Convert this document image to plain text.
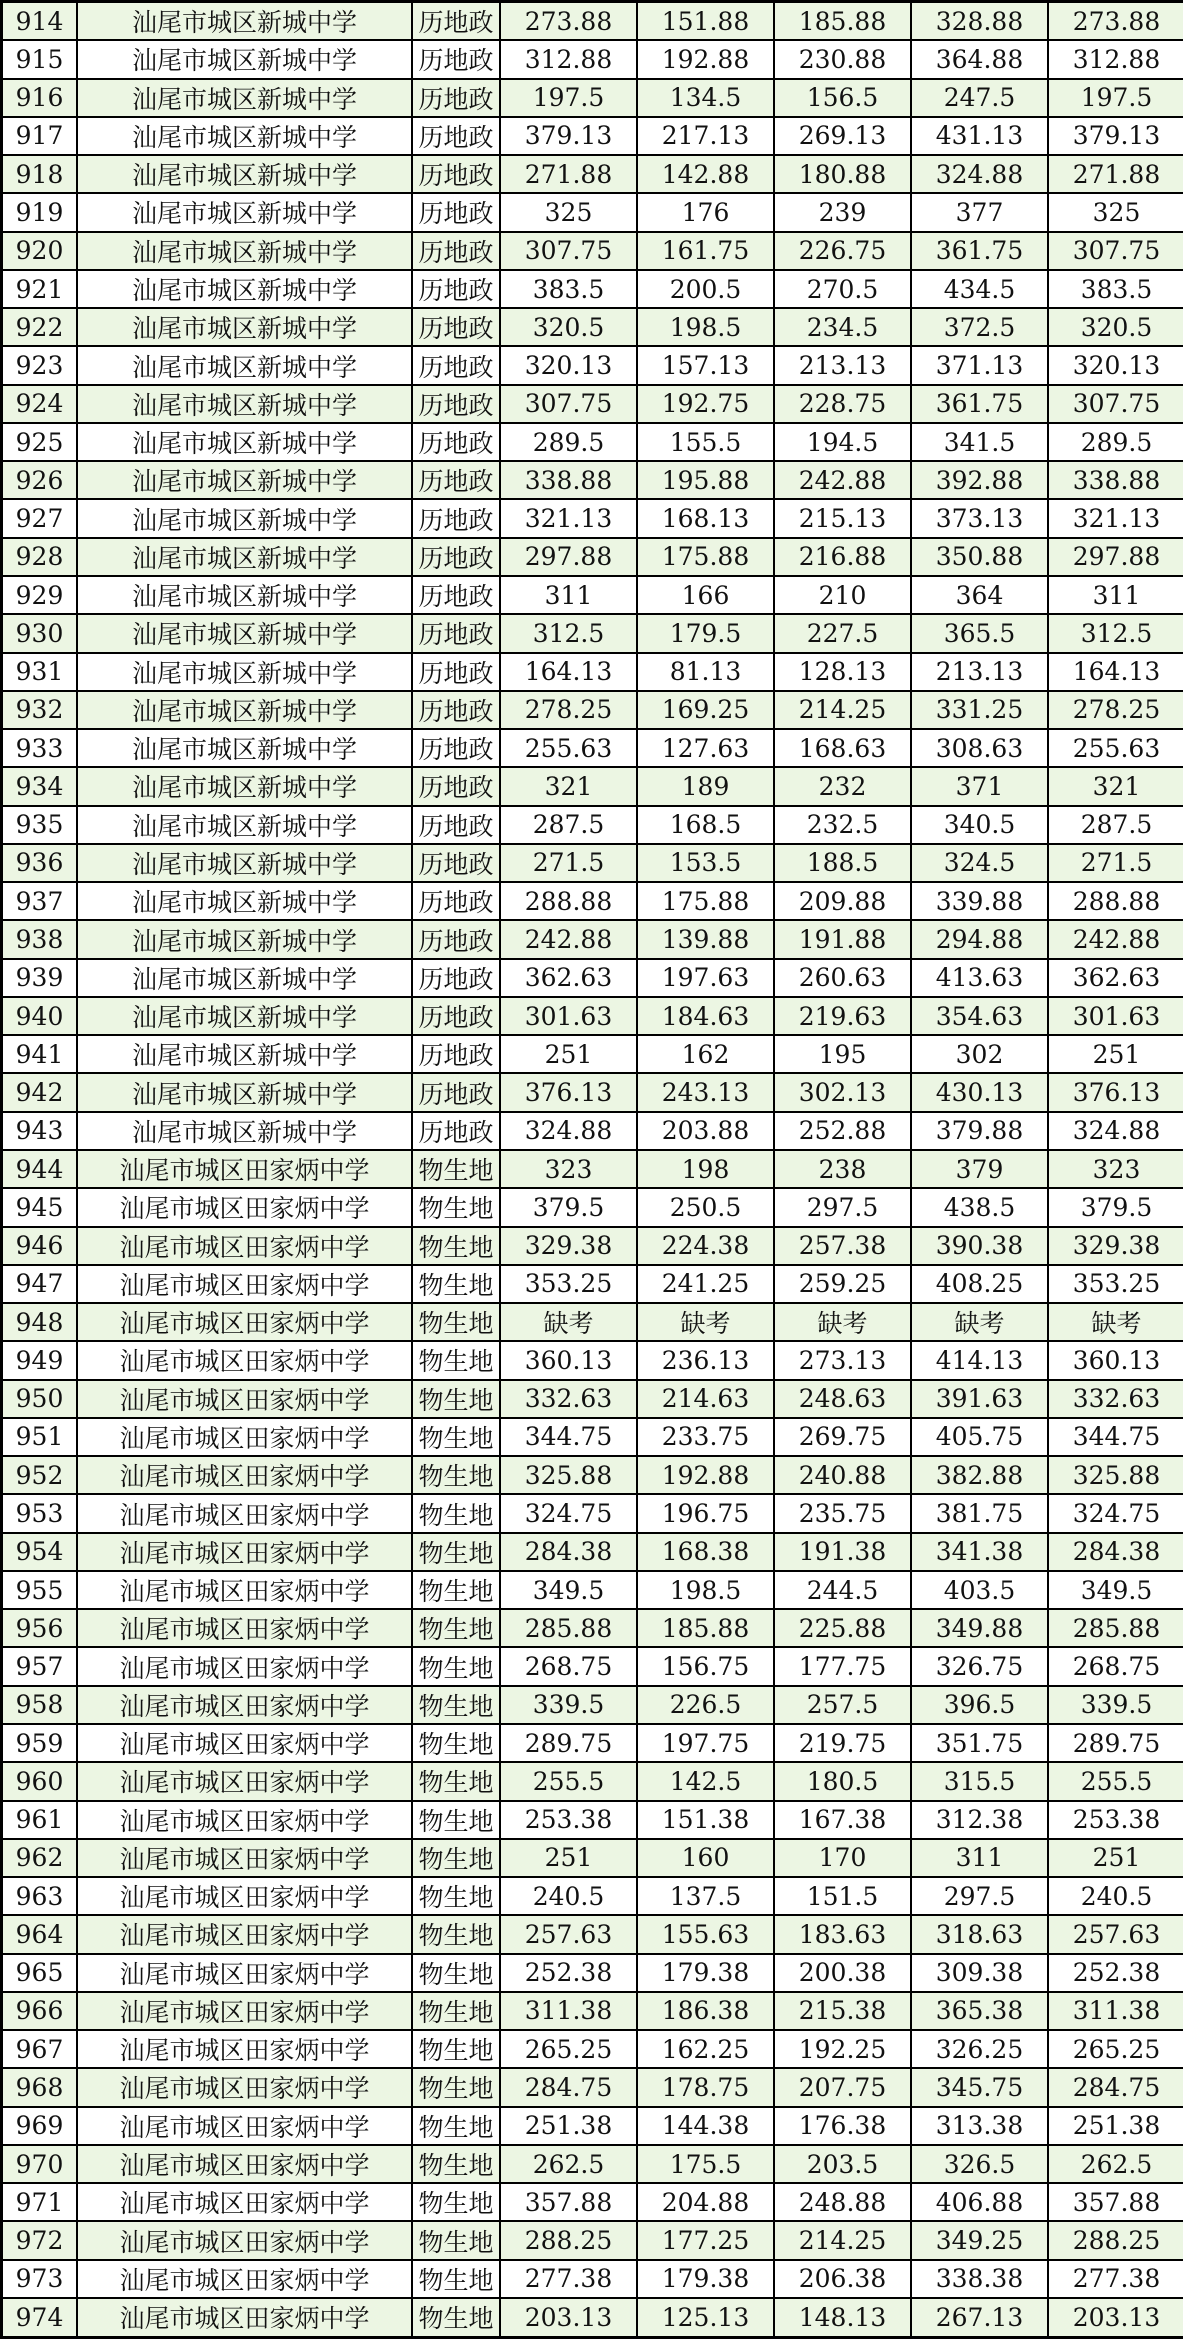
914	汕尾市城区新城中学	历地政	273.88	151.88	185.88	328.88	273.88
915	汕尾市城区新城中学	历地政	312.88	192.88	230.88	364.88	312.88
916	汕尾市城区新城中学	历地政	197.5	134.5	156.5	247.5	197.5
917	汕尾市城区新城中学	历地政	379.13	217.13	269.13	431.13	379.13
918	汕尾市城区新城中学	历地政	271.88	142.88	180.88	324.88	271.88
919	汕尾市城区新城中学	历地政	325	176	239	377	325
920	汕尾市城区新城中学	历地政	307.75	161.75	226.75	361.75	307.75
921	汕尾市城区新城中学	历地政	383.5	200.5	270.5	434.5	383.5
922	汕尾市城区新城中学	历地政	320.5	198.5	234.5	372.5	320.5
923	汕尾市城区新城中学	历地政	320.13	157.13	213.13	371.13	320.13
924	汕尾市城区新城中学	历地政	307.75	192.75	228.75	361.75	307.75
925	汕尾市城区新城中学	历地政	289.5	155.5	194.5	341.5	289.5
926	汕尾市城区新城中学	历地政	338.88	195.88	242.88	392.88	338.88
927	汕尾市城区新城中学	历地政	321.13	168.13	215.13	373.13	321.13
928	汕尾市城区新城中学	历地政	297.88	175.88	216.88	350.88	297.88
929	汕尾市城区新城中学	历地政	311	166	210	364	311
930	汕尾市城区新城中学	历地政	312.5	179.5	227.5	365.5	312.5
931	汕尾市城区新城中学	历地政	164.13	81.13	128.13	213.13	164.13
932	汕尾市城区新城中学	历地政	278.25	169.25	214.25	331.25	278.25
933	汕尾市城区新城中学	历地政	255.63	127.63	168.63	308.63	255.63
934	汕尾市城区新城中学	历地政	321	189	232	371	321
935	汕尾市城区新城中学	历地政	287.5	168.5	232.5	340.5	287.5
936	汕尾市城区新城中学	历地政	271.5	153.5	188.5	324.5	271.5
937	汕尾市城区新城中学	历地政	288.88	175.88	209.88	339.88	288.88
938	汕尾市城区新城中学	历地政	242.88	139.88	191.88	294.88	242.88
939	汕尾市城区新城中学	历地政	362.63	197.63	260.63	413.63	362.63
940	汕尾市城区新城中学	历地政	301.63	184.63	219.63	354.63	301.63
941	汕尾市城区新城中学	历地政	251	162	195	302	251
942	汕尾市城区新城中学	历地政	376.13	243.13	302.13	430.13	376.13
943	汕尾市城区新城中学	历地政	324.88	203.88	252.88	379.88	324.88
944	汕尾市城区田家炳中学	物生地	323	198	238	379	323
945	汕尾市城区田家炳中学	物生地	379.5	250.5	297.5	438.5	379.5
946	汕尾市城区田家炳中学	物生地	329.38	224.38	257.38	390.38	329.38
947	汕尾市城区田家炳中学	物生地	353.25	241.25	259.25	408.25	353.25
948	汕尾市城区田家炳中学	物生地	缺考	缺考	缺考	缺考	缺考
949	汕尾市城区田家炳中学	物生地	360.13	236.13	273.13	414.13	360.13
950	汕尾市城区田家炳中学	物生地	332.63	214.63	248.63	391.63	332.63
951	汕尾市城区田家炳中学	物生地	344.75	233.75	269.75	405.75	344.75
952	汕尾市城区田家炳中学	物生地	325.88	192.88	240.88	382.88	325.88
953	汕尾市城区田家炳中学	物生地	324.75	196.75	235.75	381.75	324.75
954	汕尾市城区田家炳中学	物生地	284.38	168.38	191.38	341.38	284.38
955	汕尾市城区田家炳中学	物生地	349.5	198.5	244.5	403.5	349.5
956	汕尾市城区田家炳中学	物生地	285.88	185.88	225.88	349.88	285.88
957	汕尾市城区田家炳中学	物生地	268.75	156.75	177.75	326.75	268.75
958	汕尾市城区田家炳中学	物生地	339.5	226.5	257.5	396.5	339.5
959	汕尾市城区田家炳中学	物生地	289.75	197.75	219.75	351.75	289.75
960	汕尾市城区田家炳中学	物生地	255.5	142.5	180.5	315.5	255.5
961	汕尾市城区田家炳中学	物生地	253.38	151.38	167.38	312.38	253.38
962	汕尾市城区田家炳中学	物生地	251	160	170	311	251
963	汕尾市城区田家炳中学	物生地	240.5	137.5	151.5	297.5	240.5
964	汕尾市城区田家炳中学	物生地	257.63	155.63	183.63	318.63	257.63
965	汕尾市城区田家炳中学	物生地	252.38	179.38	200.38	309.38	252.38
966	汕尾市城区田家炳中学	物生地	311.38	186.38	215.38	365.38	311.38
967	汕尾市城区田家炳中学	物生地	265.25	162.25	192.25	326.25	265.25
968	汕尾市城区田家炳中学	物生地	284.75	178.75	207.75	345.75	284.75
969	汕尾市城区田家炳中学	物生地	251.38	144.38	176.38	313.38	251.38
970	汕尾市城区田家炳中学	物生地	262.5	175.5	203.5	326.5	262.5
971	汕尾市城区田家炳中学	物生地	357.88	204.88	248.88	406.88	357.88
972	汕尾市城区田家炳中学	物生地	288.25	177.25	214.25	349.25	288.25
973	汕尾市城区田家炳中学	物生地	277.38	179.38	206.38	338.38	277.38
974	汕尾市城区田家炳中学	物生地	203.13	125.13	148.13	267.13	203.13
